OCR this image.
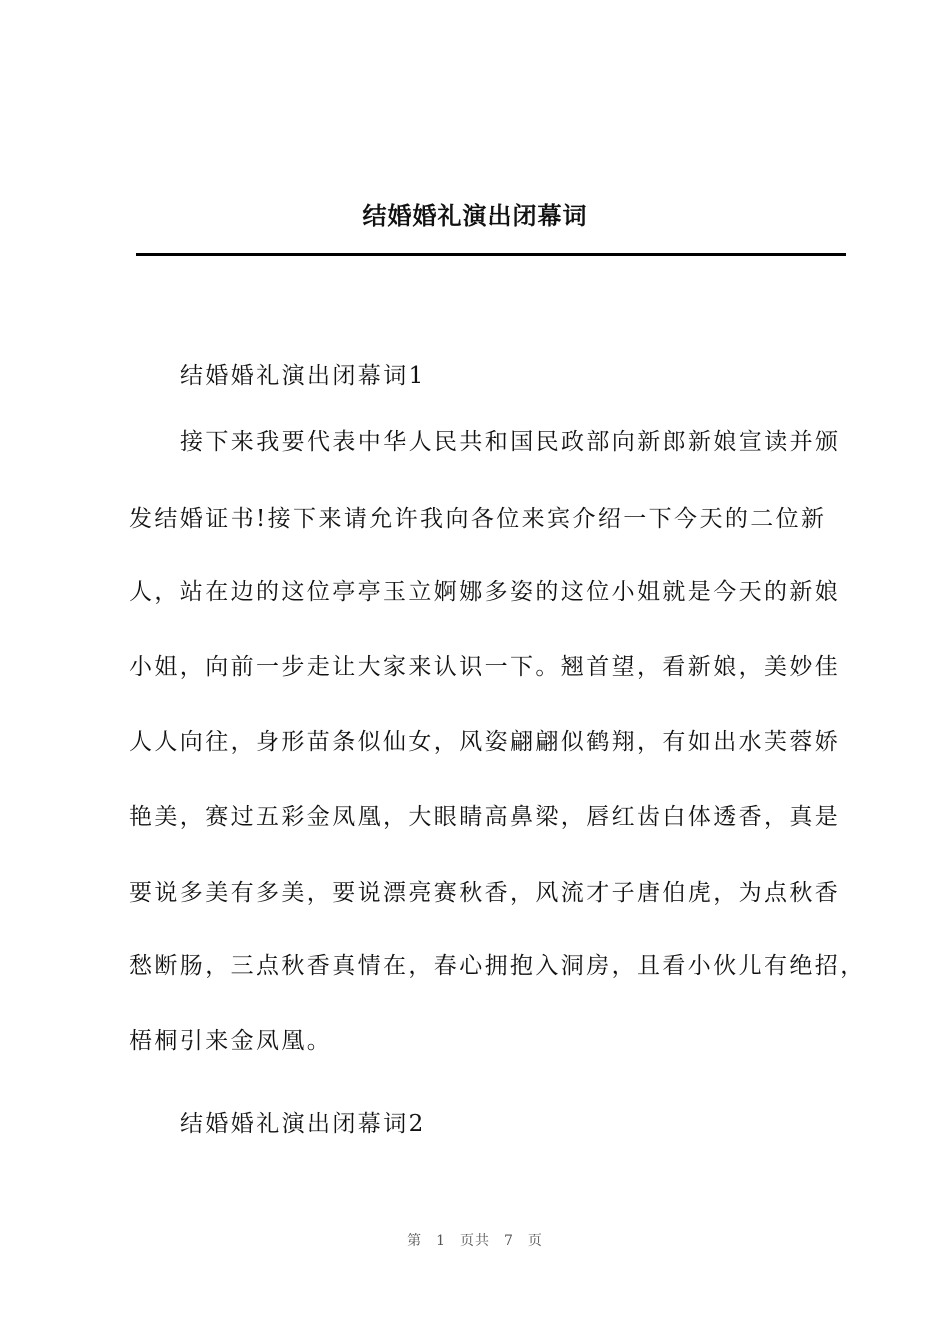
结婚婚礼演出闭幕词
结婚婚礼演出闭幕词1
接下来我要代表中华人民共和国民政部向新郎新娘宣读并颁
发结婚证书!接下来请允许我向各位来宾介绍一下今天的二位新
人，站在边的这位亭亭玉立婀娜多姿的这位小姐就是今天的新娘
小姐，向前一步走让大家来认识一下。翘首望，看新娘，美妙佳
人人向往，身形苗条似仙女，风姿翩翩似鹤翔，有如出水芙蓉娇
艳美，赛过五彩金凤凰，大眼睛高鼻梁，唇红齿白体透香，真是
要说多美有多美，要说漂亮赛秋香，风流才子唐伯虎，为点秋香
愁断肠，三点秋香真情在，春心拥抱入洞房，且看小伙儿有绝招，
梧桐引来金凤凰。
结婚婚礼演出闭幕词2
第 1 页共 7 页
